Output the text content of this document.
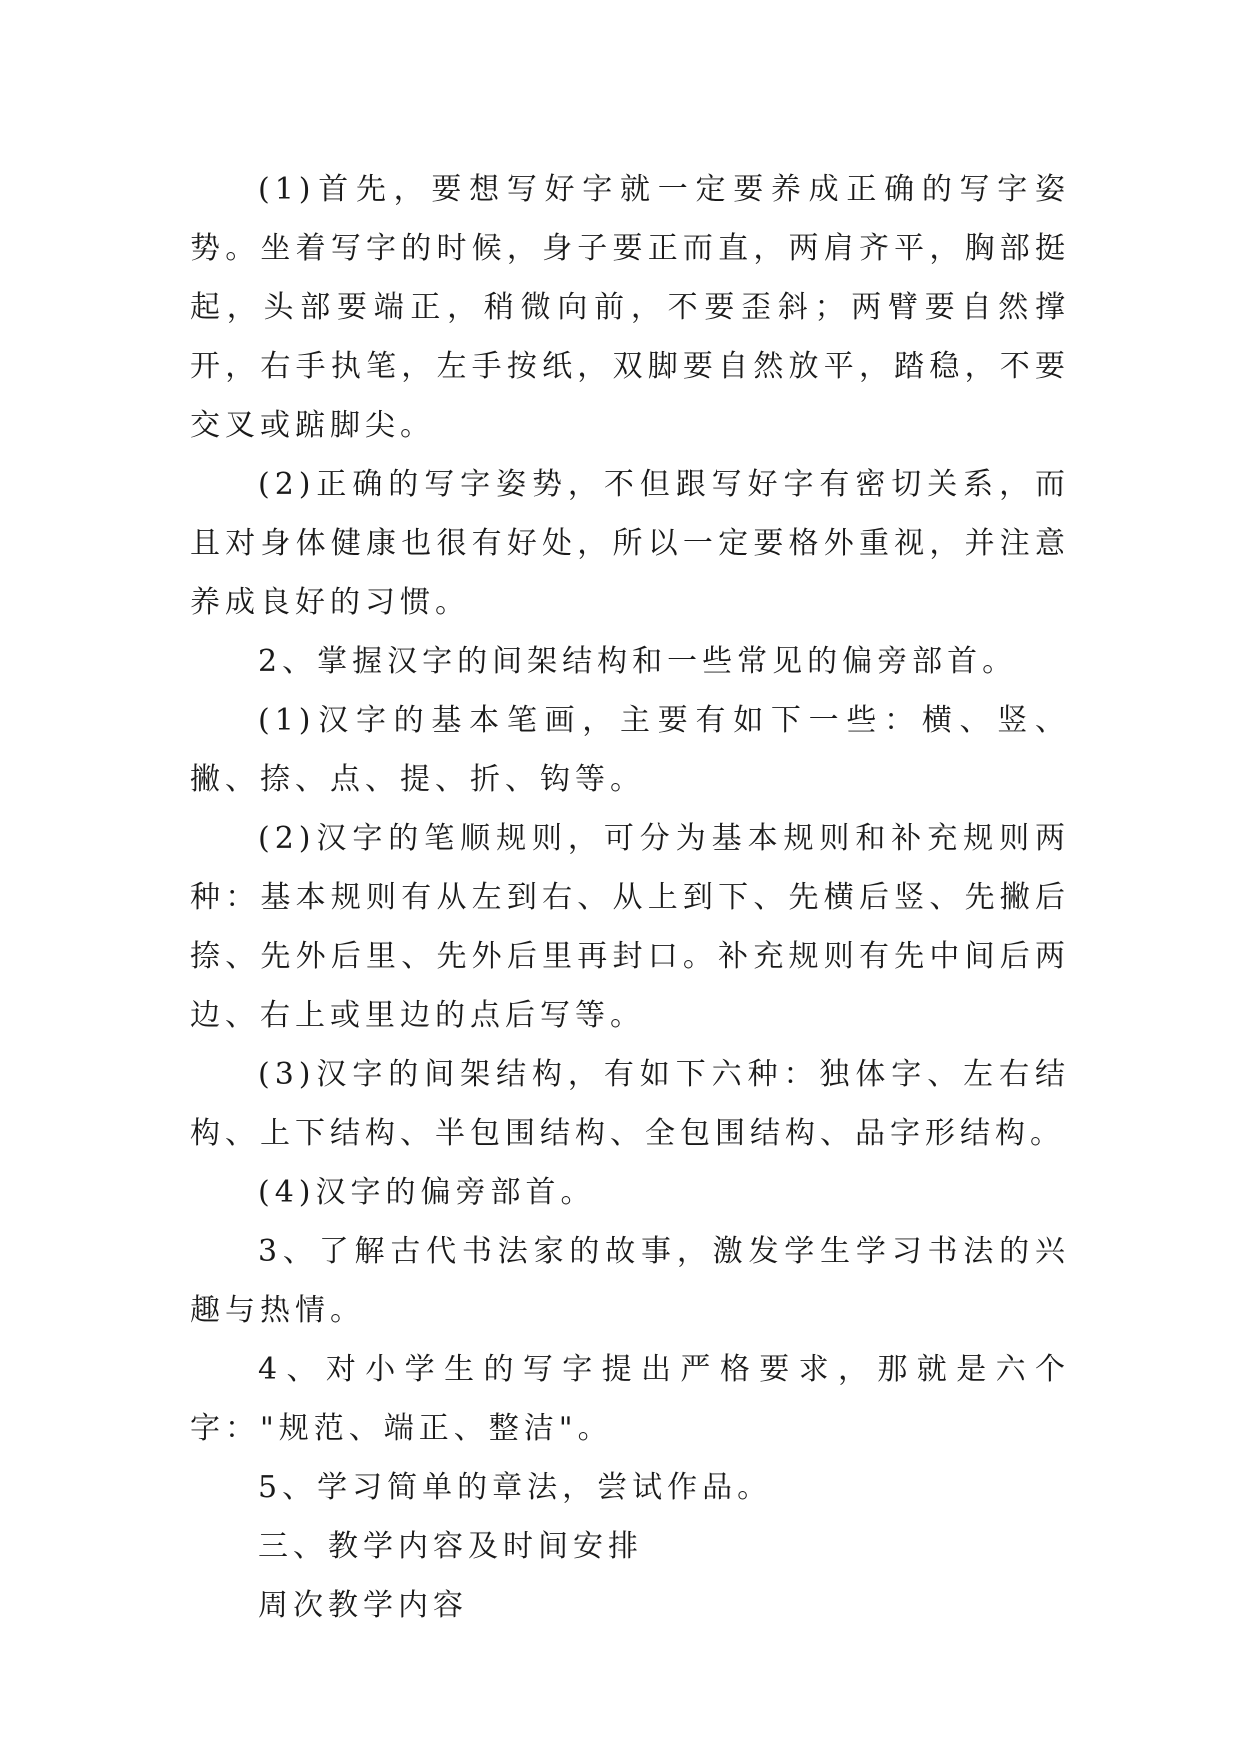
(1)首先，要想写好字就一定要养成正确的写字姿势。坐着写字的时候，身子要正而直，两肩齐平，胸部挺起，头部要端正，稍微向前，不要歪斜；两臂要自然撑开，右手执笔，左手按纸，双脚要自然放平，踏稳，不要交叉或踮脚尖。

(2)正确的写字姿势，不但跟写好字有密切关系，而且对身体健康也很有好处，所以一定要格外重视，并注意养成良好的习惯。

2、掌握汉字的间架结构和一些常见的偏旁部首。

(1)汉字的基本笔画，主要有如下一些：横、竖、撇、捺、点、提、折、钩等。

(2)汉字的笔顺规则，可分为基本规则和补充规则两种：基本规则有从左到右、从上到下、先横后竖、先撇后捺、先外后里、先外后里再封口。补充规则有先中间后两边、右上或里边的点后写等。

(3)汉字的间架结构，有如下六种：独体字、左右结构、上下结构、半包围结构、全包围结构、品字形结构。

(4)汉字的偏旁部首。

3、了解古代书法家的故事，激发学生学习书法的兴趣与热情。

4、对小学生的写字提出严格要求，那就是六个字："规范、端正、整洁"。

5、学习简单的章法，尝试作品。

三、教学内容及时间安排

周次教学内容
